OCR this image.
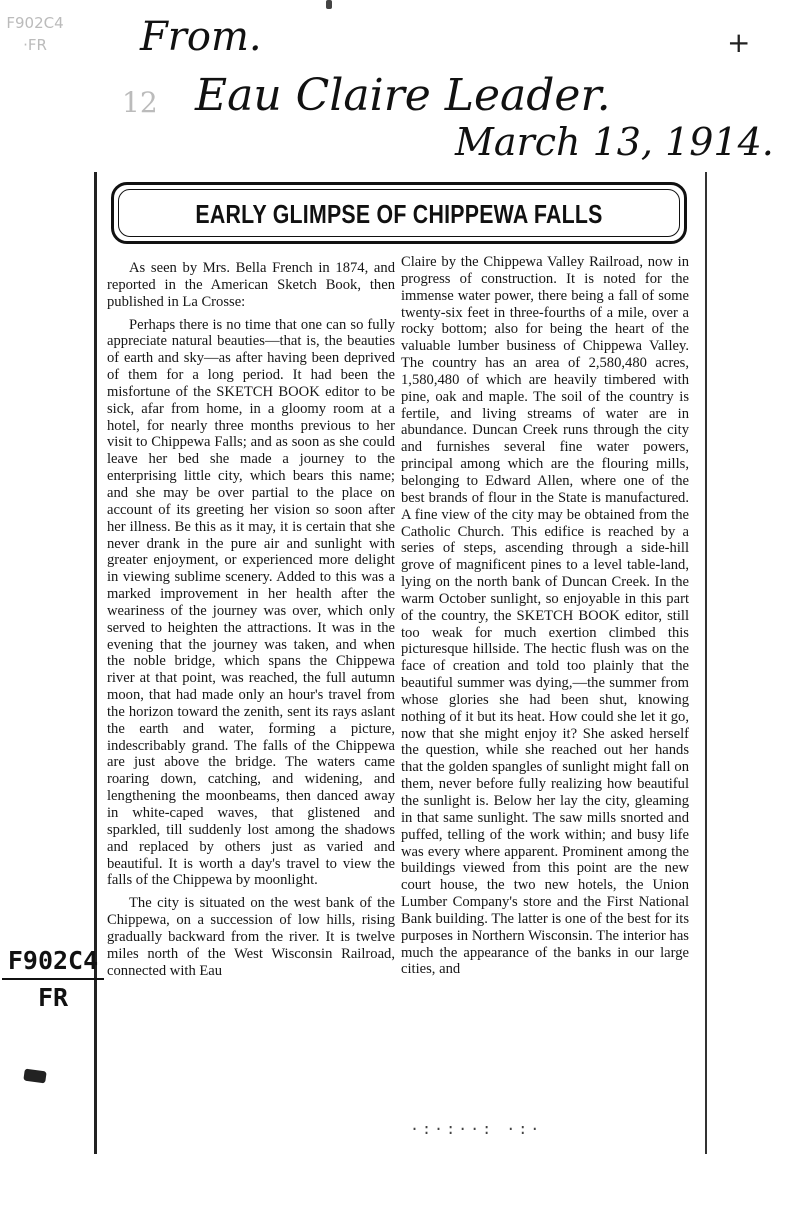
F902C4
·FR	From.
12 Eau Claire Leader.
March 13, 1914.
+
EARLY GLIMPSE OF CHIPPEWA FALLS

As seen by Mrs. Bella French in 1874, and reported in the American Sketch Book, then published in La Crosse:

Perhaps there is no time that one can so fully appreciate natural beauties—that is, the beauties of earth and sky—as after having been deprived of them for a long period. It had been the misfortune of the SKETCH BOOK editor to be sick, afar from home, in a gloomy room at a hotel, for nearly three months previous to her visit to Chippewa Falls; and as soon as she could leave her bed she made a journey to the enterprising little city, which bears this name; and she may be over partial to the place on account of its greeting her vision so soon after her illness. Be this as it may, it is certain that she never drank in the pure air and sunlight with greater enjoyment, or experienced more delight in viewing sublime scenery. Added to this was a marked improvement in her health after the weariness of the journey was over, which only served to heighten the attractions. It was in the evening that the journey was taken, and when the noble bridge, which spans the Chippewa river at that point, was reached, the full autumn moon, that had made only an hour's travel from the horizon toward the zenith, sent its rays aslant the earth and water, forming a picture, indescribably grand. The falls of the Chippewa are just above the bridge. The waters came roaring down, catching, and widening, and lengthening the moonbeams, then danced away in white-caped waves, that glistened and sparkled, till suddenly lost among the shadows and replaced by others just as varied and beautiful. It is worth a day's travel to view the falls of the Chippewa by moonlight.

The city is situated on the west bank of the Chippewa, on a succession of low hills, rising gradually backward from the river. It is twelve miles north of the West Wisconsin Railroad, connected with Eau

Claire by the Chippewa Valley Railroad, now in progress of construction. It is noted for the immense water power, there being a fall of some twenty-six feet in three-fourths of a mile, over a rocky bottom; also for being the heart of the valuable lumber business of Chippewa Valley. The country has an area of 2,580,480 acres, 1,580,480 of which are heavily timbered with pine, oak and maple. The soil of the country is fertile, and living streams of water are in abundance. Duncan Creek runs through the city and furnishes several fine water powers, principal among which are the flouring mills, belonging to Edward Allen, where one of the best brands of flour in the State is manufactured. A fine view of the city may be obtained from the Catholic Church. This edifice is reached by a series of steps, ascending through a side-hill grove of magnificent pines to a level table-land, lying on the north bank of Duncan Creek. In the warm October sunlight, so enjoyable in this part of the country, the SKETCH BOOK editor, still too weak for much exertion climbed this picturesque hillside. The hectic flush was on the face of creation and told too plainly that the beautiful summer was dying,—the summer from whose glories she had been shut, knowing nothing of it but its heat. How could she let it go, now that she might enjoy it? She asked herself the question, while she reached out her hands that the golden spangles of sunlight might fall on them, never before fully realizing how beautiful the sunlight is. Below her lay the city, gleaming in that same sunlight. The saw mills snorted and puffed, telling of the work within; and busy life was every where apparent. Prominent among the buildings viewed from this point are the new court house, the two new hotels, the Union Lumber Company's store and the First National Bank building. The latter is one of the best for its purposes in Northern Wisconsin. The interior has much the appearance of the banks in our large cities, and

F902C4
FR
·:·:··: ·:·
